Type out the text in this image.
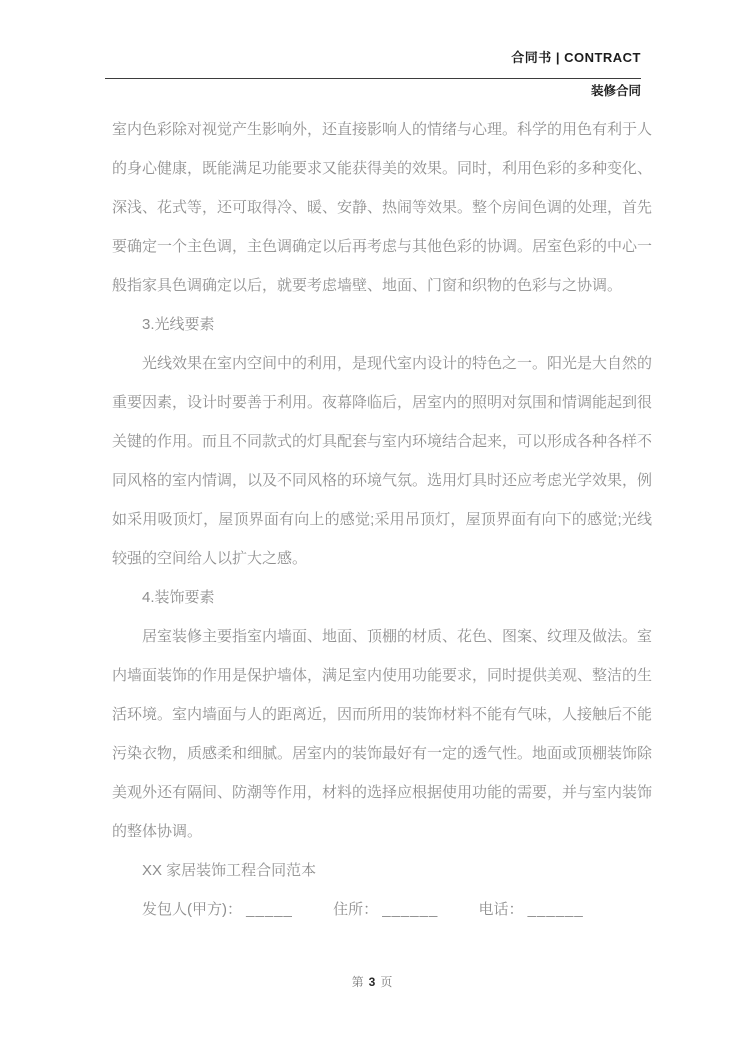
合同书 | CONTRACT
装修合同

室内色彩除对视觉产生影响外，还直接影响人的情绪与心理。科学的用色有利于人的身心健康，既能满足功能要求又能获得美的效果。同时，利用色彩的多种变化、深浅、花式等，还可取得冷、暖、安静、热闹等效果。整个房间色调的处理，首先要确定一个主色调，主色调确定以后再考虑与其他色彩的协调。居室色彩的中心一般指家具色调确定以后，就要考虑墙壁、地面、门窗和织物的色彩与之协调。

3.光线要素

光线效果在室内空间中的利用，是现代室内设计的特色之一。阳光是大自然的重要因素，设计时要善于利用。夜幕降临后，居室内的照明对氛围和情调能起到很关键的作用。而且不同款式的灯具配套与室内环境结合起来，可以形成各种各样不同风格的室内情调，以及不同风格的环境气氛。选用灯具时还应考虑光学效果，例如采用吸顶灯，屋顶界面有向上的感觉;采用吊顶灯，屋顶界面有向下的感觉;光线较强的空间给人以扩大之感。

4.装饰要素

居室装修主要指室内墙面、地面、顶棚的材质、花色、图案、纹理及做法。室内墙面装饰的作用是保护墙体，满足室内使用功能要求，同时提供美观、整洁的生活环境。室内墙面与人的距离近，因而所用的装饰材料不能有气味，人接触后不能污染衣物，质感柔和细腻。居室内的装饰最好有一定的透气性。地面或顶棚装饰除美观外还有隔间、防潮等作用，材料的选择应根据使用功能的需要，并与室内装饰的整体协调。

XX 家居装饰工程合同范本

发包人(甲方)： _____	住所： ______	电话： ______

第 3 页
